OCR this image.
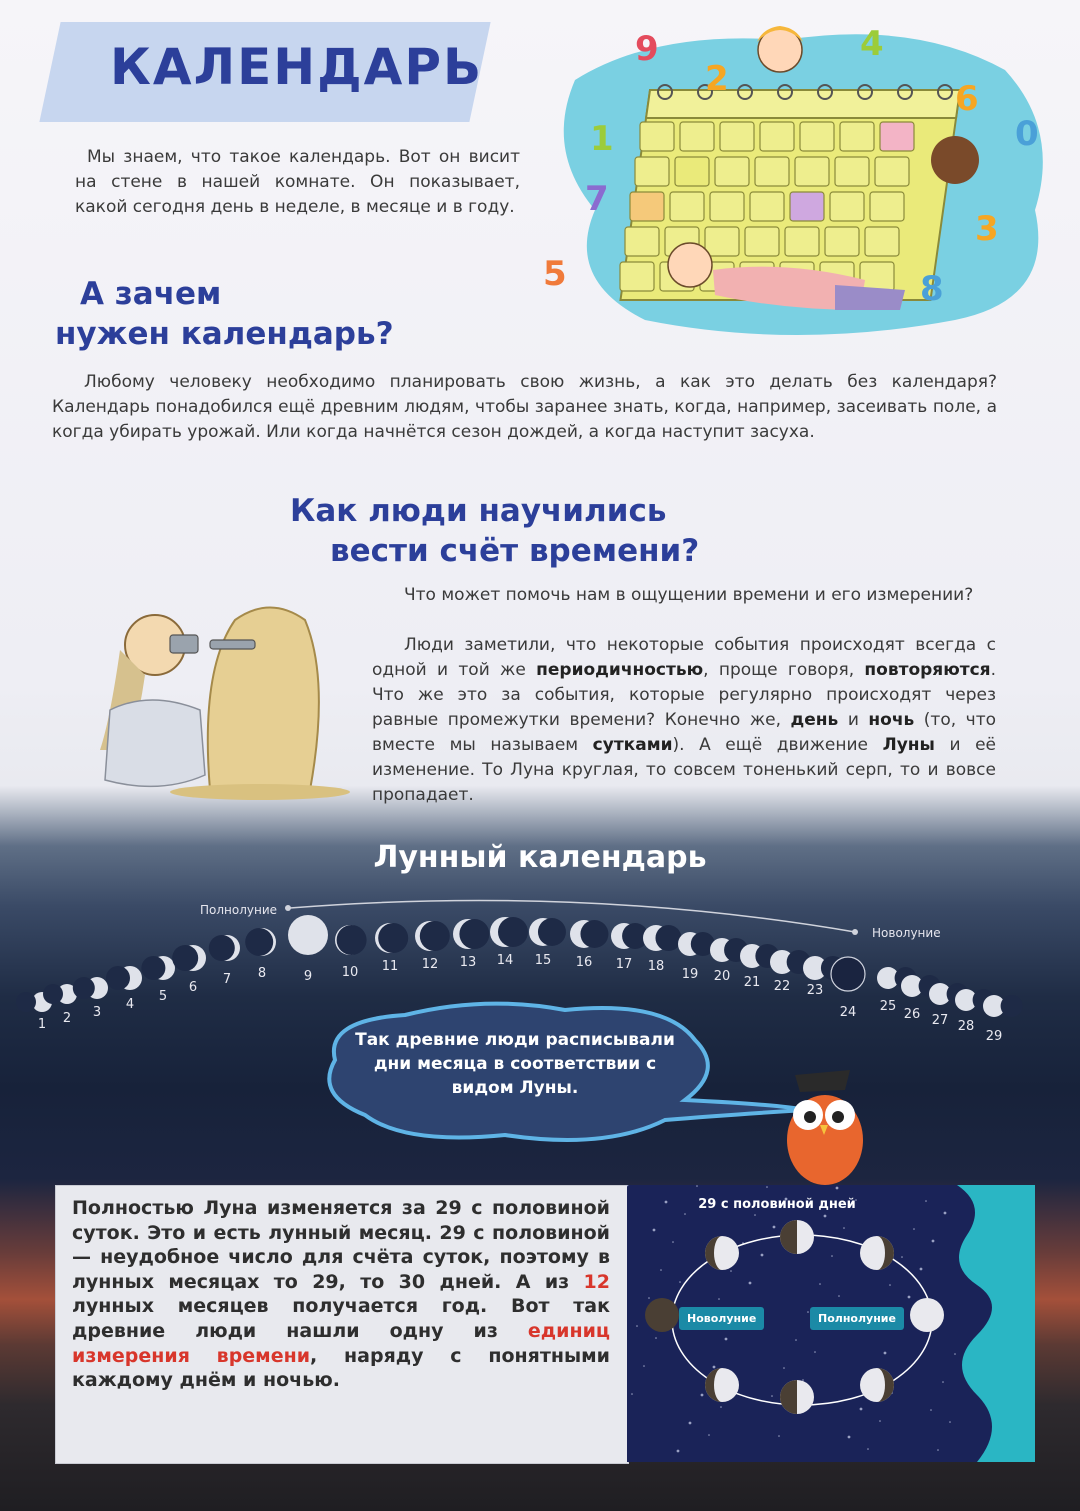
КАЛЕНДАРЬ

Мы знаем, что такое календарь. Вот он висит на стене в нашей комнате. Он показывает, какой сегодня день в неделе, в месяце и в году.

9
2
4
6
0
1
7
3
5	8
А зачем
нужен календарь?

Любому человеку необходимо планировать свою жизнь, а как это делать без календаря? Календарь понадобился ещё древним людям, чтобы заранее знать, когда, например, засеивать поле, а когда убирать урожай. Или когда начнётся сезон дождей, а когда наступит засуха.

Как люди научились
вести счёт времени?

Что может помочь нам в ощущении времени и его измерении?

Люди заметили, что некоторые события происходят всегда с одной и той же периодичностью, проще говоря, повторяются. Что же это за события, которые регулярно происходят через равные промежутки времени? Конечно же, день и ночь (то, что вместе мы называем сутками). А ещё движение Луны и её изменение. То Луна круглая, то совсем тоненький серп, то и вовсе пропадает.

Лунный календарь
Полнолуние
Новолуние
1 2 3
4
5
6
7 8	9 10 11 12 13 14 15 16 17 18
19 20 21 22 23
24 25
26 27 28
29

Так древние люди расписывали дни месяца в соответствии с видом Луны.

Полностью Луна изменяется за 29 с половиной суток. Это и есть лунный месяц. 29 с половиной — неудобное число для счёта суток, поэтому в лунных месяцах то 29, то 30 дней. А из 12 лунных месяцев получается год. Вот так древние люди нашли одну из единиц измерения времени, наряду с понятными каждому днём и ночью.

29 с половиной дней

Новолуние	Полнолуние
